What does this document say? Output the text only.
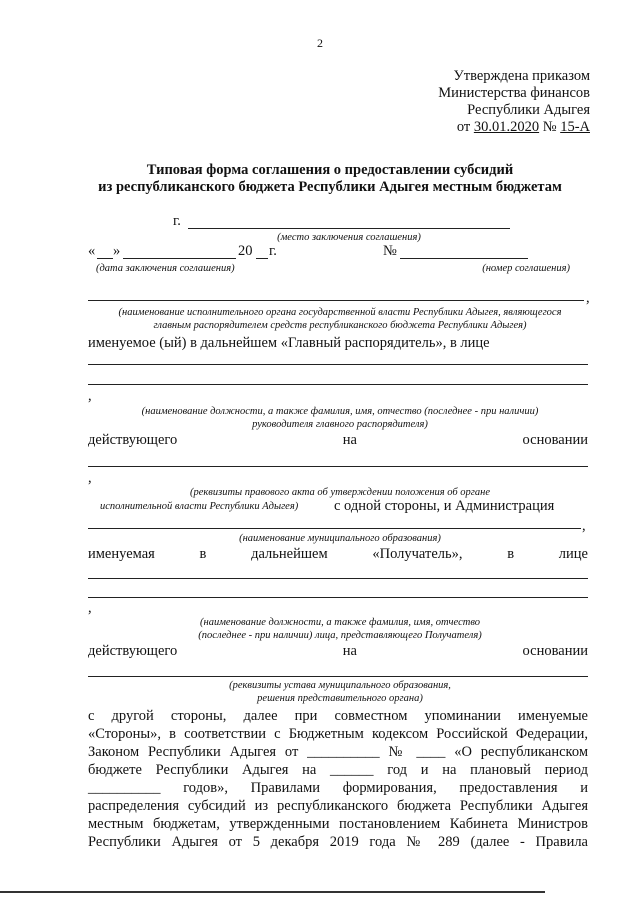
2
Утверждена приказом
Министерства финансов
Республики Адыгея
от 30.01.2020 № 15-А
Типовая форма соглашения о предоставлении субсидий
из республиканского бюджета Республики Адыгея местным бюджетам
г.
(место заключения соглашения)
« »	20 г.	№
(дата заключения соглашения)	(номер соглашения)
,
(наименование исполнительного органа государственной власти Республики Адыгея, являющегося
главным распорядителем средств республиканского бюджета Республики Адыгея)
именуемое (ый) в дальнейшем «Главный распорядитель», в лице
,
(наименование должности, а также фамилия, имя, отчество (последнее - при наличии)
руководителя главного распорядителя)
действующего	на	основании
,
(реквизиты правового акта об утверждении положения об органе
исполнительной власти Республики Адыгея) с одной стороны, и Администрация
,
(наименование муниципального образования)
именуемая	в	дальнейшем	«Получатель»,	в	лице
,
(наименование должности, а также фамилия, имя, отчество
(последнее - при наличии) лица, представляющего Получателя)
действующего	на	основании
(реквизиты устава муниципального образования,
решения представительного органа)
с другой стороны, далее при совместном упоминании именуемые
«Стороны», в соответствии с Бюджетным кодексом Российской Федерации,
Законом Республики Адыгея от __________ № ____ «О республиканском
бюджете Республики Адыгея на ______ год и на плановый период
__________ годов», Правилами формирования, предоставления и
распределения субсидий из республиканского бюджета Республики Адыгея
местным бюджетам, утвержденными постановлением Кабинета Министров
Республики Адыгея от 5 декабря 2019 года № 289 (далее - Правила
